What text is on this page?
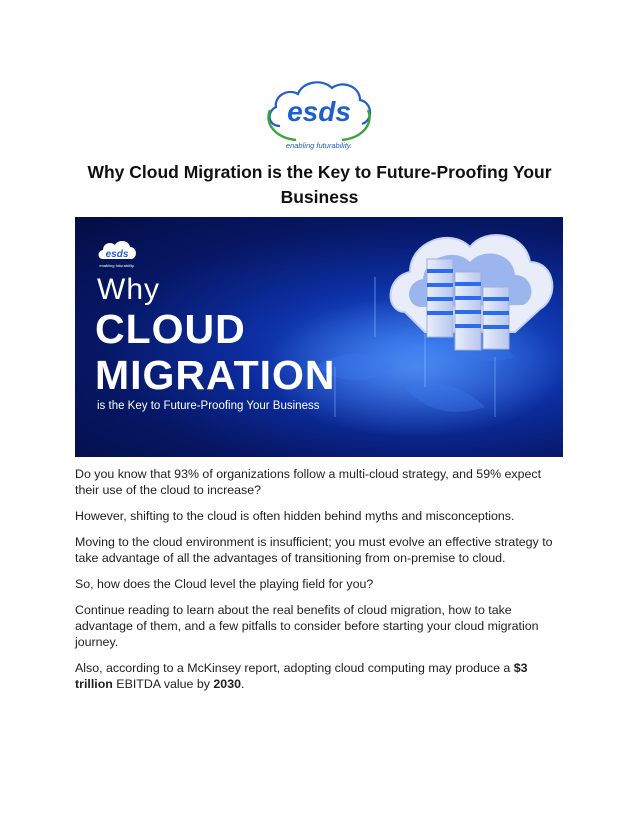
esds
enabling futurability.
Why Cloud Migration is the Key to Future-Proofing Your Business
esds
enabling futurability.
Why
CLOUD
MIGRATION
is the Key to Future-Proofing Your Business

Do you know that 93% of organizations follow a multi-cloud strategy, and 59% expect their use of the cloud to increase?

However, shifting to the cloud is often hidden behind myths and misconceptions.

Moving to the cloud environment is insufficient; you must evolve an effective strategy to take advantage of all the advantages of transitioning from on-premise to cloud.

So, how does the Cloud level the playing field for you?

Continue reading to learn about the real benefits of cloud migration, how to take advantage of them, and a few pitfalls to consider before starting your cloud migration journey.

Also, according to a McKinsey report, adopting cloud computing may produce a $3 trillion EBITDA value by 2030.
